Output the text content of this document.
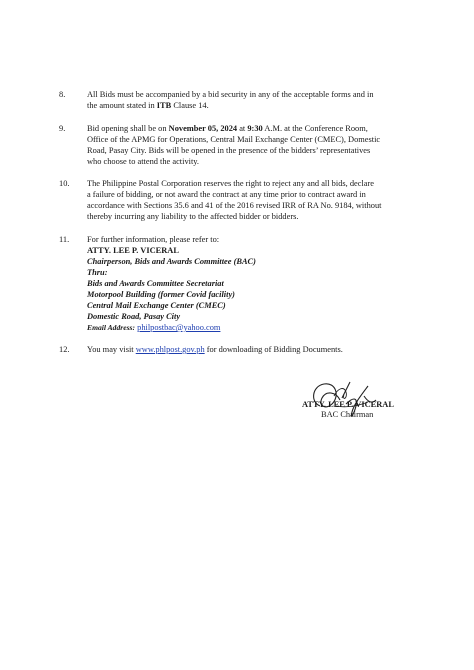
8.	All Bids must be accompanied by a bid security in any of the acceptable forms and in
the amount stated in ITB Clause 14.
9.	Bid opening shall be on November 05, 2024 at 9:30 A.M. at the Conference Room,
Office of the APMG for Operations, Central Mail Exchange Center (CMEC), Domestic
Road, Pasay City. Bids will be opened in the presence of the bidders’ representatives
who choose to attend the activity.
10.	The Philippine Postal Corporation reserves the right to reject any and all bids, declare
a failure of bidding, or not award the contract at any time prior to contract award in
accordance with Sections 35.6 and 41 of the 2016 revised IRR of RA No. 9184, without
thereby incurring any liability to the affected bidder or bidders.
11.	For further information, please refer to:
ATTY. LEE P. VICERAL
Chairperson, Bids and Awards Committee (BAC)
Thru:
Bids and Awards Committee Secretariat
Motorpool Building (former Covid facility)
Central Mail Exchange Center (CMEC)
Domestic Road, Pasay City
Email Address: philpostbac@yahoo.com
12.	You may visit www.phlpost.gov.ph for downloading of Bidding Documents.
ATTY. LEE P. VICERAL
BAC Chairman
